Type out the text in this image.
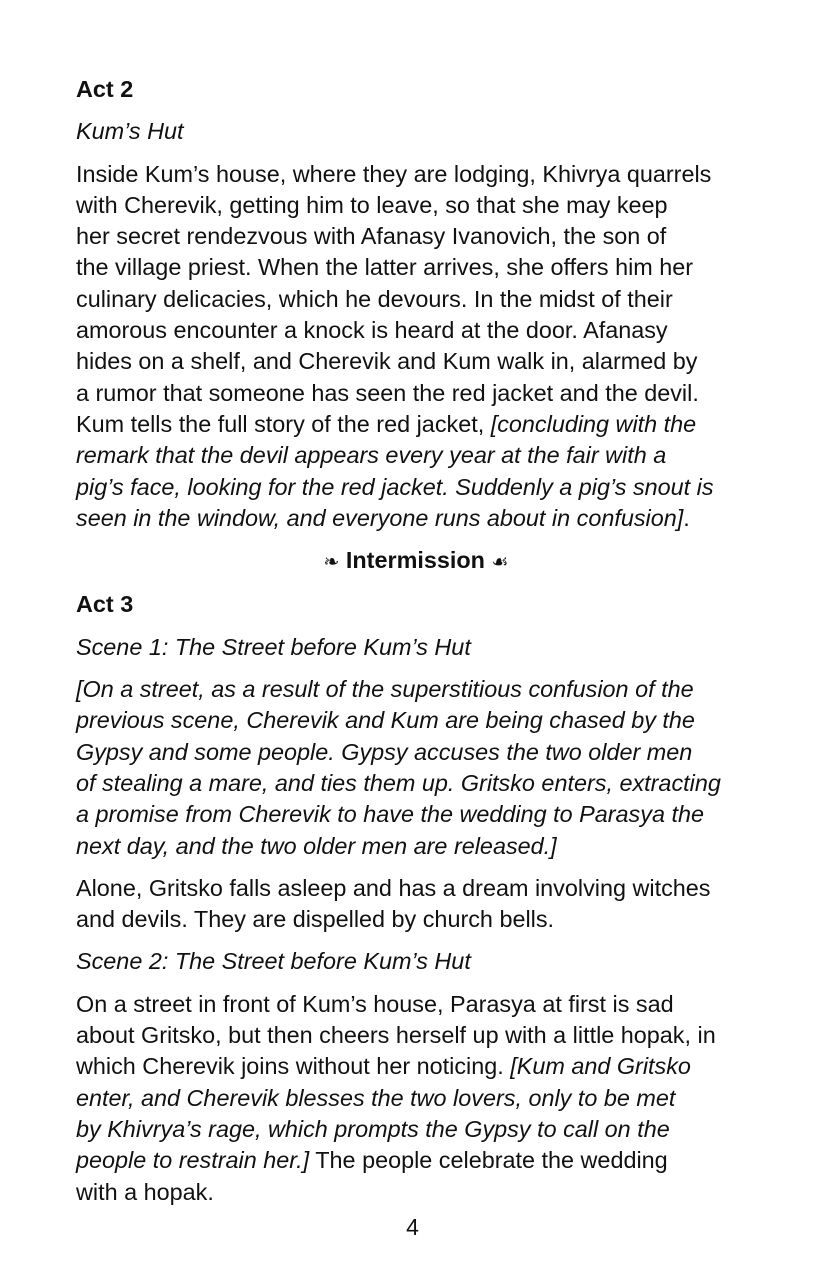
Act 2
Kum’s Hut

Inside Kum’s house, where they are lodging, Khivrya quarrels
with Cherevik, getting him to leave, so that she may keep
her secret rendezvous with Afanasy Ivanovich, the son of
the village priest. When the latter arrives, she offers him her
culinary delicacies, which he devours. In the midst of their
amorous encounter a knock is heard at the door. Afanasy
hides on a shelf, and Cherevik and Kum walk in, alarmed by
a rumor that someone has seen the red jacket and the devil.
Kum tells the full story of the red jacket, [concluding with the
remark that the devil appears every year at the fair with a
pig’s face, looking for the red jacket. Suddenly a pig’s snout is
seen in the window, and everyone runs about in confusion].

❧ Intermission ☙
Act 3
Scene 1: The Street before Kum’s Hut

[On a street, as a result of the superstitious confusion of the
previous scene, Cherevik and Kum are being chased by the
Gypsy and some people. Gypsy accuses the two older men
of stealing a mare, and ties them up. Gritsko enters, extracting
a promise from Cherevik to have the wedding to Parasya the
next day, and the two older men are released.]

Alone, Gritsko falls asleep and has a dream involving witches
and devils. They are dispelled by church bells.

Scene 2: The Street before Kum’s Hut

On a street in front of Kum’s house, Parasya at first is sad
about Gritsko, but then cheers herself up with a little hopak, in
which Cherevik joins without her noticing. [Kum and Gritsko
enter, and Cherevik blesses the two lovers, only to be met
by Khivrya’s rage, which prompts the Gypsy to call on the
people to restrain her.] The people celebrate the wedding
with a hopak.

4
